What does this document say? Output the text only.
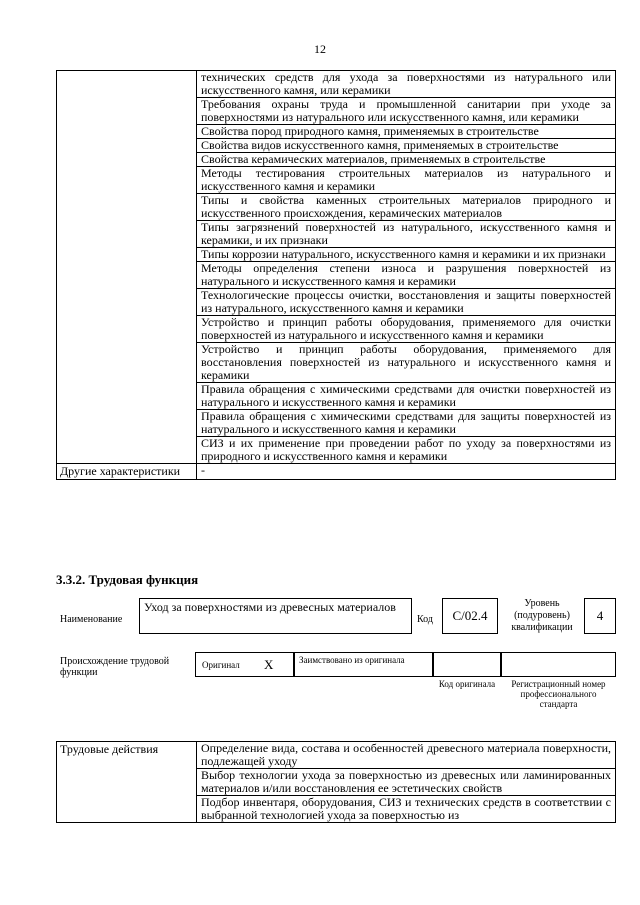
12
	технических средств для ухода за поверхностями из натурального или искусственного камня, или керамики
	Требования охраны труда и промышленной санитарии при уходе за поверхностями из натурального или искусственного камня, или керамики
	Свойства пород природного камня, применяемых в строительстве
	Свойства видов искусственного камня, применяемых в строительстве
	Свойства керамических материалов, применяемых в строительстве
	Методы тестирования строительных материалов из натурального и искусственного камня и керамики
	Типы и свойства каменных строительных материалов природного и искусственного происхождения, керамических материалов
	Типы загрязнений поверхностей из натурального, искусственного камня и керамики, и их признаки
	Типы коррозии натурального, искусственного камня и керамики и их признаки
	Методы определения степени износа и разрушения поверхностей из натурального и искусственного камня и керамики
	Технологические процессы очистки, восстановления и защиты поверхностей из натурального, искусственного камня и керамики
	Устройство и принцип работы оборудования, применяемого для очистки поверхностей из натурального и искусственного камня и керамики
	Устройство и принцип работы оборудования, применяемого для восстановления поверхностей из натурального и искусственного камня и керамики
	Правила обращения с химическими средствами для очистки поверхностей из натурального и искусственного камня и керамики
	Правила обращения с химическими средствами для защиты поверхностей из натурального и искусственного камня и керамики
	СИЗ и их применение при проведении работ по уходу за поверхностями из природного и искусственного камня и керамики
Другие характеристики	-
3.3.2. Трудовая функция
Наименование
Уход за поверхностями из древесных материалов
Код	C/02.4
Уровень (подуровень) квалификации
4
Происхождение трудовой функции
Оригинал X	Заимствовано из оригинала
Код оригинала	Регистрационный номер профессионального стандарта
Трудовые действия	Определение вида, состава и особенностей древесного материала поверхности, подлежащей уходу
Выбор технологии ухода за поверхностью из древесных или ламинированных материалов и/или восстановления ее эстетических свойств
Подбор инвентаря, оборудования, СИЗ и технических средств в соответствии с выбранной технологией ухода за поверхностью из
